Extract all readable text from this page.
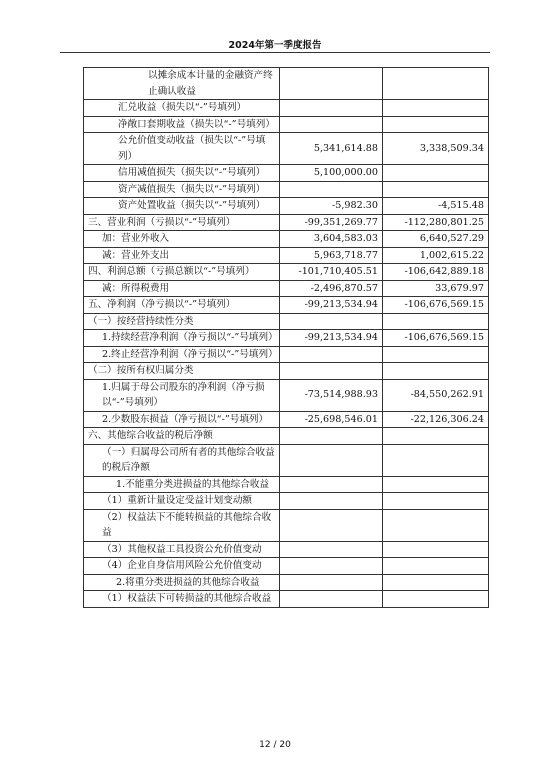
2024年第一季度报告
以摊余成本计量的金融资产终止确认收益		
汇兑收益（损失以“-”号填列）		
净敞口套期收益（损失以“-”号填列）		
公允价值变动收益（损失以“-”号填列）	5,341,614.88	3,338,509.34
信用减值损失（损失以“-”号填列）	5,100,000.00	
资产减值损失（损失以“-”号填列）		
资产处置收益（损失以“-”号填列）	-5,982.30	-4,515.48
三、营业利润（亏损以“-”号填列）	-99,351,269.77	-112,280,801.25
加：营业外收入	3,604,583.03	6,640,527.29
减：营业外支出	5,963,718.77	1,002,615.22
四、利润总额（亏损总额以“-”号填列）	-101,710,405.51	-106,642,889.18
减：所得税费用	-2,496,870.57	33,679.97
五、净利润（净亏损以“-”号填列）	-99,213,534.94	-106,676,569.15
（一）按经营持续性分类		
1.持续经营净利润（净亏损以“-”号填列）	-99,213,534.94	-106,676,569.15
2.终止经营净利润（净亏损以“-”号填列）		
（二）按所有权归属分类		
1.归属于母公司股东的净利润（净亏损以“-”号填列）	-73,514,988.93	-84,550,262.91
2.少数股东损益（净亏损以“-”号填列）	-25,698,546.01	-22,126,306.24
六、其他综合收益的税后净额		
（一）归属母公司所有者的其他综合收益的税后净额		
1.不能重分类进损益的其他综合收益		
（1）重新计量设定受益计划变动额		
（2）权益法下不能转损益的其他综合收益		
（3）其他权益工具投资公允价值变动		
（4）企业自身信用风险公允价值变动		
2.将重分类进损益的其他综合收益		
（1）权益法下可转损益的其他综合收益		
12 / 20
